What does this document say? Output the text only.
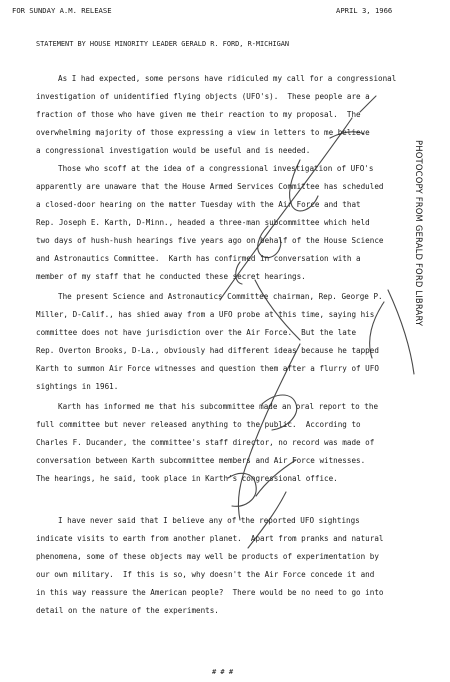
FOR SUNDAY A.M. RELEASE	APRIL 3, 1966
STATEMENT BY HOUSE MINORITY LEADER GERALD R. FORD, R-MICHIGAN
As I had expected, some persons have ridiculed my call for a congressional
investigation of unidentified flying objects (UFO's).  These people are a
fraction of those who have given me their reaction to my proposal.  The
overwhelming majority of those expressing a view in letters to me believe
a congressional investigation would be useful and is needed.
Those who scoff at the idea of a congressional investigation of UFO's
apparently are unaware that the House Armed Services Committee has scheduled
a closed-door hearing on the matter Tuesday with the Air Force and that
Rep. Joseph E. Karth, D-Minn., headed a three-man subcommittee which held
two days of hush-hush hearings five years ago on behalf of the House Science
and Astronautics Committee.  Karth has confirmed in conversation with a
member of my staff that he conducted these secret hearings.
The present Science and Astronautics Committee chairman, Rep. George P.
Miller, D-Calif., has shied away from a UFO probe at this time, saying his
committee does not have jurisdiction over the Air Force.  But the late
Rep. Overton Brooks, D-La., obviously had different ideas because he tapped
Karth to summon Air Force witnesses and question them after a flurry of UFO
sightings in 1961.
Karth has informed me that his subcommittee made an oral report to the
full committee but never released anything to the public.  According to
Charles F. Ducander, the committee's staff director, no record was made of
conversation between Karth subcommittee members and Air Force witnesses.
The hearings, he said, took place in Karth's congressional office.
I have never said that I believe any of the reported UFO sightings
indicate visits to earth from another planet.  Apart from pranks and natural
phenomena, some of these objects may well be products of experimentation by
our own military.  If this is so, why doesn't the Air Force concede it and
in this way reassure the American people?  There would be no need to go into
detail on the nature of the experiments.
# # #
PHOTOCOPY FROM GERALD FORD LIBRARY
